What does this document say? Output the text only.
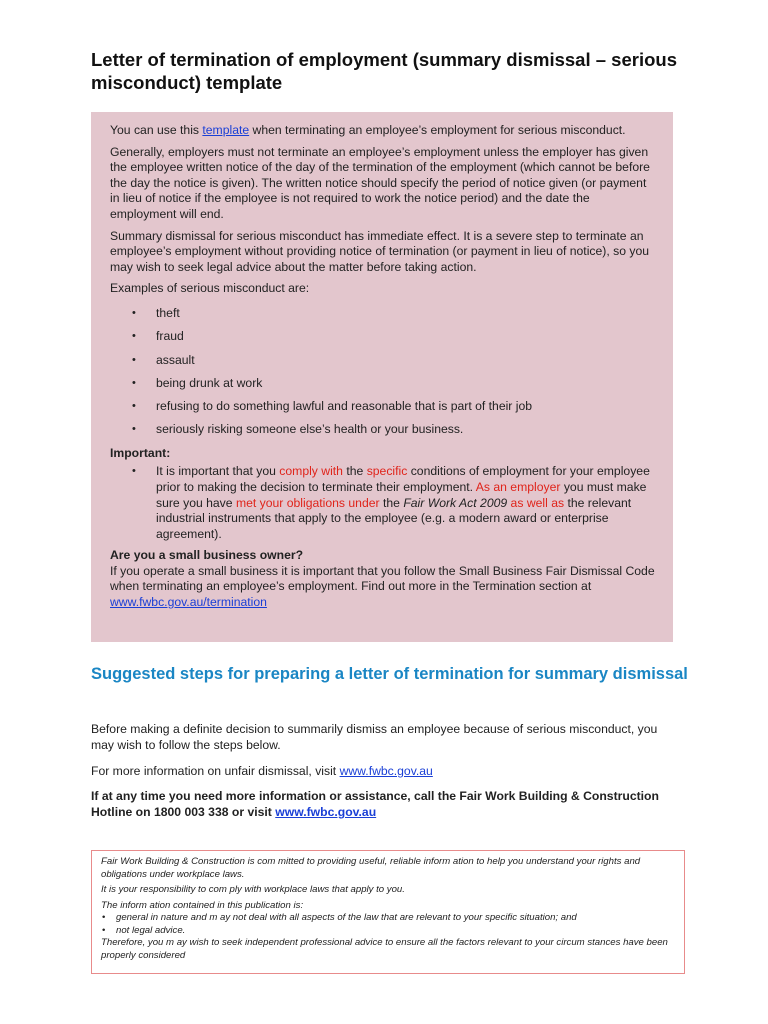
Letter of termination of employment (summary dismissal – serious misconduct) template

You can use this template when terminating an employee’s employment for serious misconduct.

Generally, employers must not terminate an employee’s employment unless the employer has given the employee written notice of the day of the termination of the employment (which cannot be before the day the notice is given). The written notice should specify the period of notice given (or payment in lieu of notice if the employee is not required to work the notice period) and the date the employment will end.

Summary dismissal for serious misconduct has immediate effect. It is a severe step to terminate an employee’s employment without providing notice of termination (or payment in lieu of notice), so you may wish to seek legal advice about the matter before taking action.

Examples of serious misconduct are:

• theft
• fraud
• assault
• being drunk at work
• refusing to do something lawful and reasonable that is part of their job
• seriously risking someone else’s health or your business.

Important:

• It is important that you comply with the specific conditions of employment for your employee prior to making the decision to terminate their employment. As an employer you must make sure you have met your obligations under the Fair Work Act 2009 as well as the relevant industrial instruments that apply to the employee (e.g. a modern award or enterprise agreement).

Are you a small business owner?
If you operate a small business it is important that you follow the Small Business Fair Dismissal Code when terminating an employee’s employment. Find out more in the Termination section at www.fwbc.gov.au/termination

Suggested steps for preparing a letter of termination for summary dismissal

Before making a definite decision to summarily dismiss an employee because of serious misconduct, you may wish to follow the steps below.

For more information on unfair dismissal, visit www.fwbc.gov.au

If at any time you need more information or assistance, call the Fair Work Building & Construction Hotline on 1800 003 338 or visit www.fwbc.gov.au

Fair Work Building & Construction is com mitted to providing useful, reliable inform ation to help you understand your rights and obligations under workplace laws.

It is your responsibility to com ply with workplace laws that apply to you.

The inform ation contained in this publication is:

• general in nature and m ay not deal with all aspects of the law that are relevant to your specific situation; and
• not legal advice.

Therefore, you m ay wish to seek independent professional advice to ensure all the factors relevant to your circum stances have been properly considered
